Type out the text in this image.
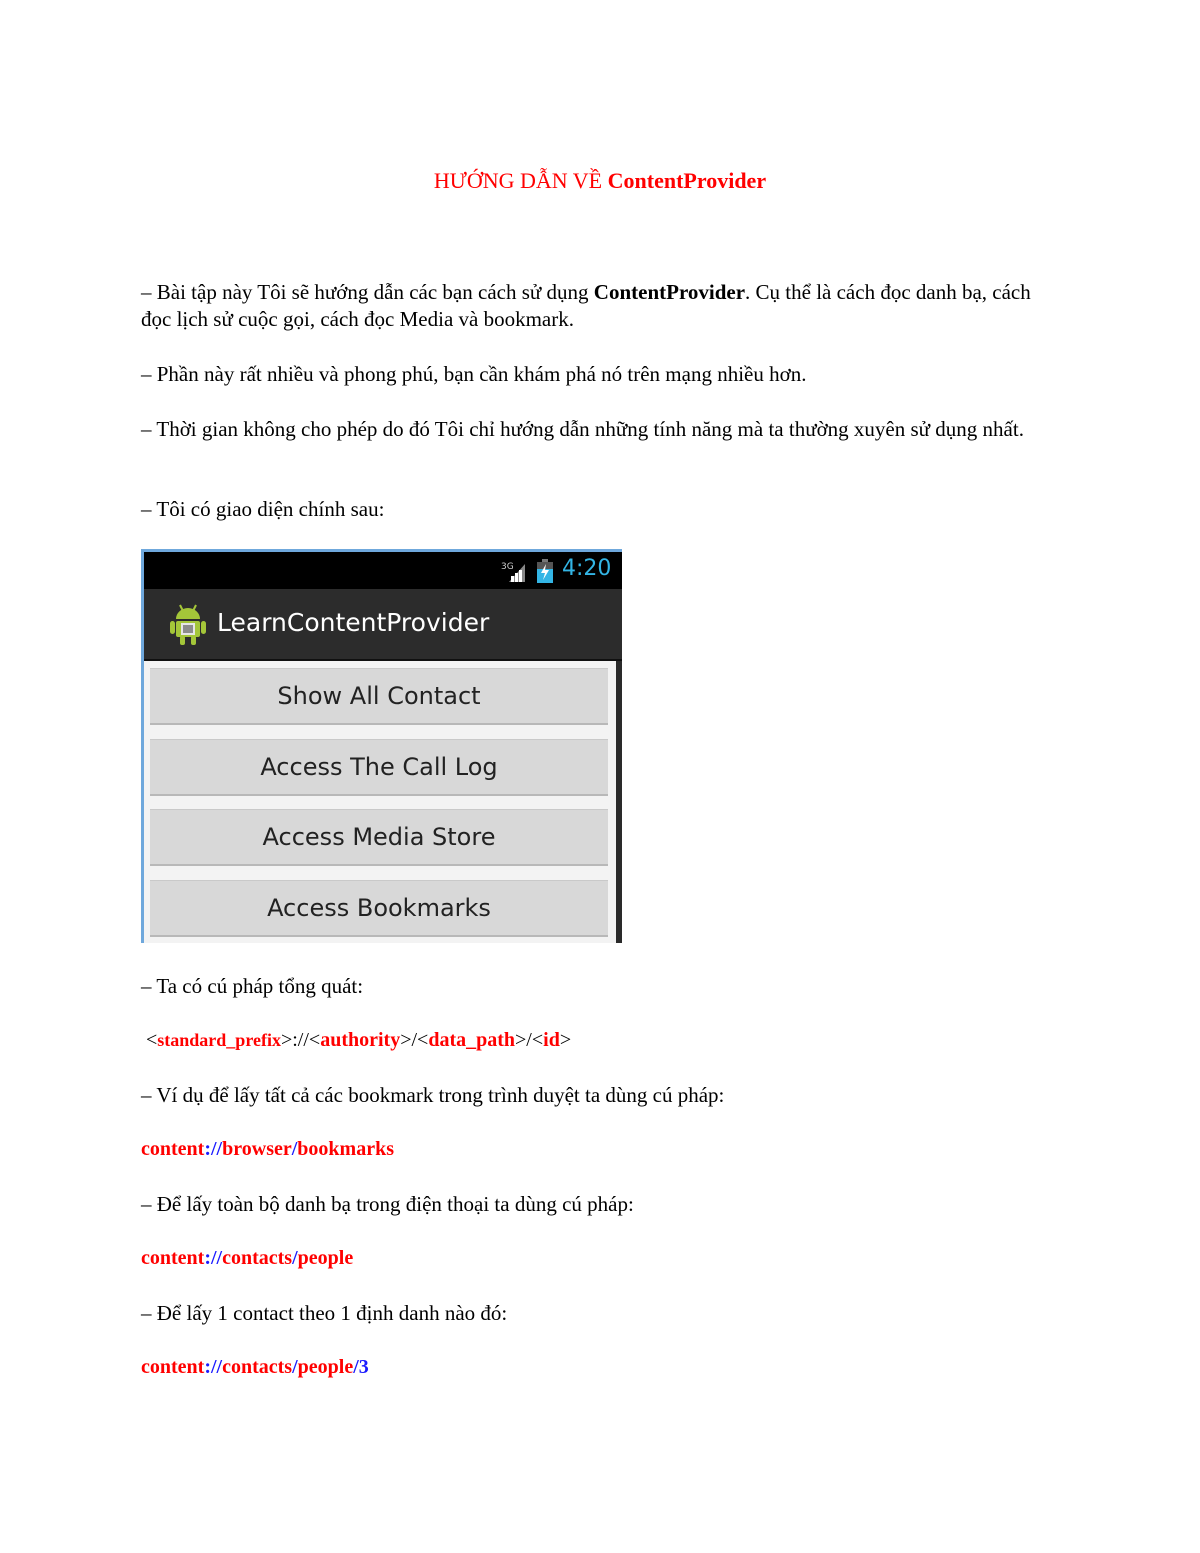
HƯỚNG DẪN VỀ ContentProvider
– Bài tập này Tôi sẽ hướng dẫn các bạn cách sử dụng ContentProvider. Cụ thể là cách đọc danh bạ, cách đọc lịch sử cuộc gọi, cách đọc Media và bookmark.
– Phần này rất nhiều và phong phú, bạn cần khám phá nó trên mạng nhiều hơn.
– Thời gian không cho phép do đó Tôi chỉ hướng dẫn những tính năng mà ta thường xuyên sử dụng nhất.
– Tôi có giao diện chính sau:
3G 4:20
LearnContentProvider
Show All Contact
Access The Call Log
Access Media Store
Access Bookmarks
– Ta có cú pháp tổng quát:
<standard_prefix>://<authority>/<data_path>/<id>
– Ví dụ để lấy tất cả các bookmark trong trình duyệt ta dùng cú pháp:
content://browser/bookmarks
– Để lấy toàn bộ danh bạ trong điện thoại ta dùng cú pháp:
content://contacts/people
– Để lấy 1 contact theo 1 định danh nào đó:
content://contacts/people/3
